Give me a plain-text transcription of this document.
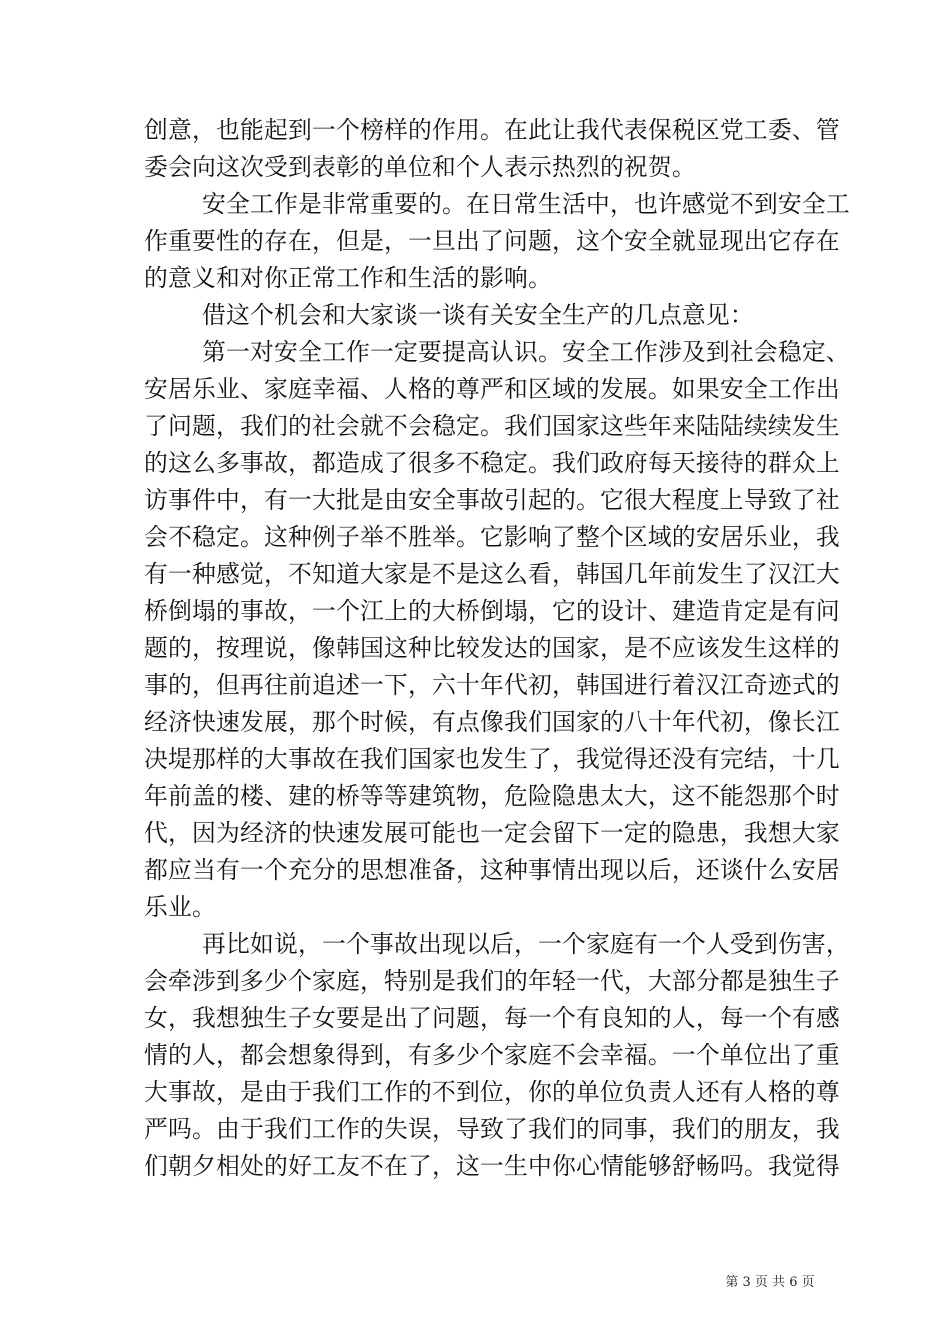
创意，也能起到一个榜样的作用。在此让我代表保税区党工委、管
委会向这次受到表彰的单位和个人表示热烈的祝贺。
安全工作是非常重要的。在日常生活中，也许感觉不到安全工
作重要性的存在，但是，一旦出了问题，这个安全就显现出它存在
的意义和对你正常工作和生活的影响。
借这个机会和大家谈一谈有关安全生产的几点意见：
第一对安全工作一定要提高认识。安全工作涉及到社会稳定、
安居乐业、家庭幸福、人格的尊严和区域的发展。如果安全工作出
了问题，我们的社会就不会稳定。我们国家这些年来陆陆续续发生
的这么多事故，都造成了很多不稳定。我们政府每天接待的群众上
访事件中，有一大批是由安全事故引起的。它很大程度上导致了社
会不稳定。这种例子举不胜举。它影响了整个区域的安居乐业，我
有一种感觉，不知道大家是不是这么看，韩国几年前发生了汉江大
桥倒塌的事故，一个江上的大桥倒塌，它的设计、建造肯定是有问
题的，按理说，像韩国这种比较发达的国家，是不应该发生这样的
事的，但再往前追述一下，六十年代初，韩国进行着汉江奇迹式的
经济快速发展，那个时候，有点像我们国家的八十年代初，像长江
决堤那样的大事故在我们国家也发生了，我觉得还没有完结，十几
年前盖的楼、建的桥等等建筑物，危险隐患太大，这不能怨那个时
代，因为经济的快速发展可能也一定会留下一定的隐患，我想大家
都应当有一个充分的思想准备，这种事情出现以后，还谈什么安居
乐业。
再比如说，一个事故出现以后，一个家庭有一个人受到伤害，
会牵涉到多少个家庭，特别是我们的年轻一代，大部分都是独生子
女，我想独生子女要是出了问题，每一个有良知的人，每一个有感
情的人，都会想象得到，有多少个家庭不会幸福。一个单位出了重
大事故，是由于我们工作的不到位，你的单位负责人还有人格的尊
严吗。由于我们工作的失误，导致了我们的同事，我们的朋友，我
们朝夕相处的好工友不在了，这一生中你心情能够舒畅吗。我觉得
第 3 页 共 6 页
